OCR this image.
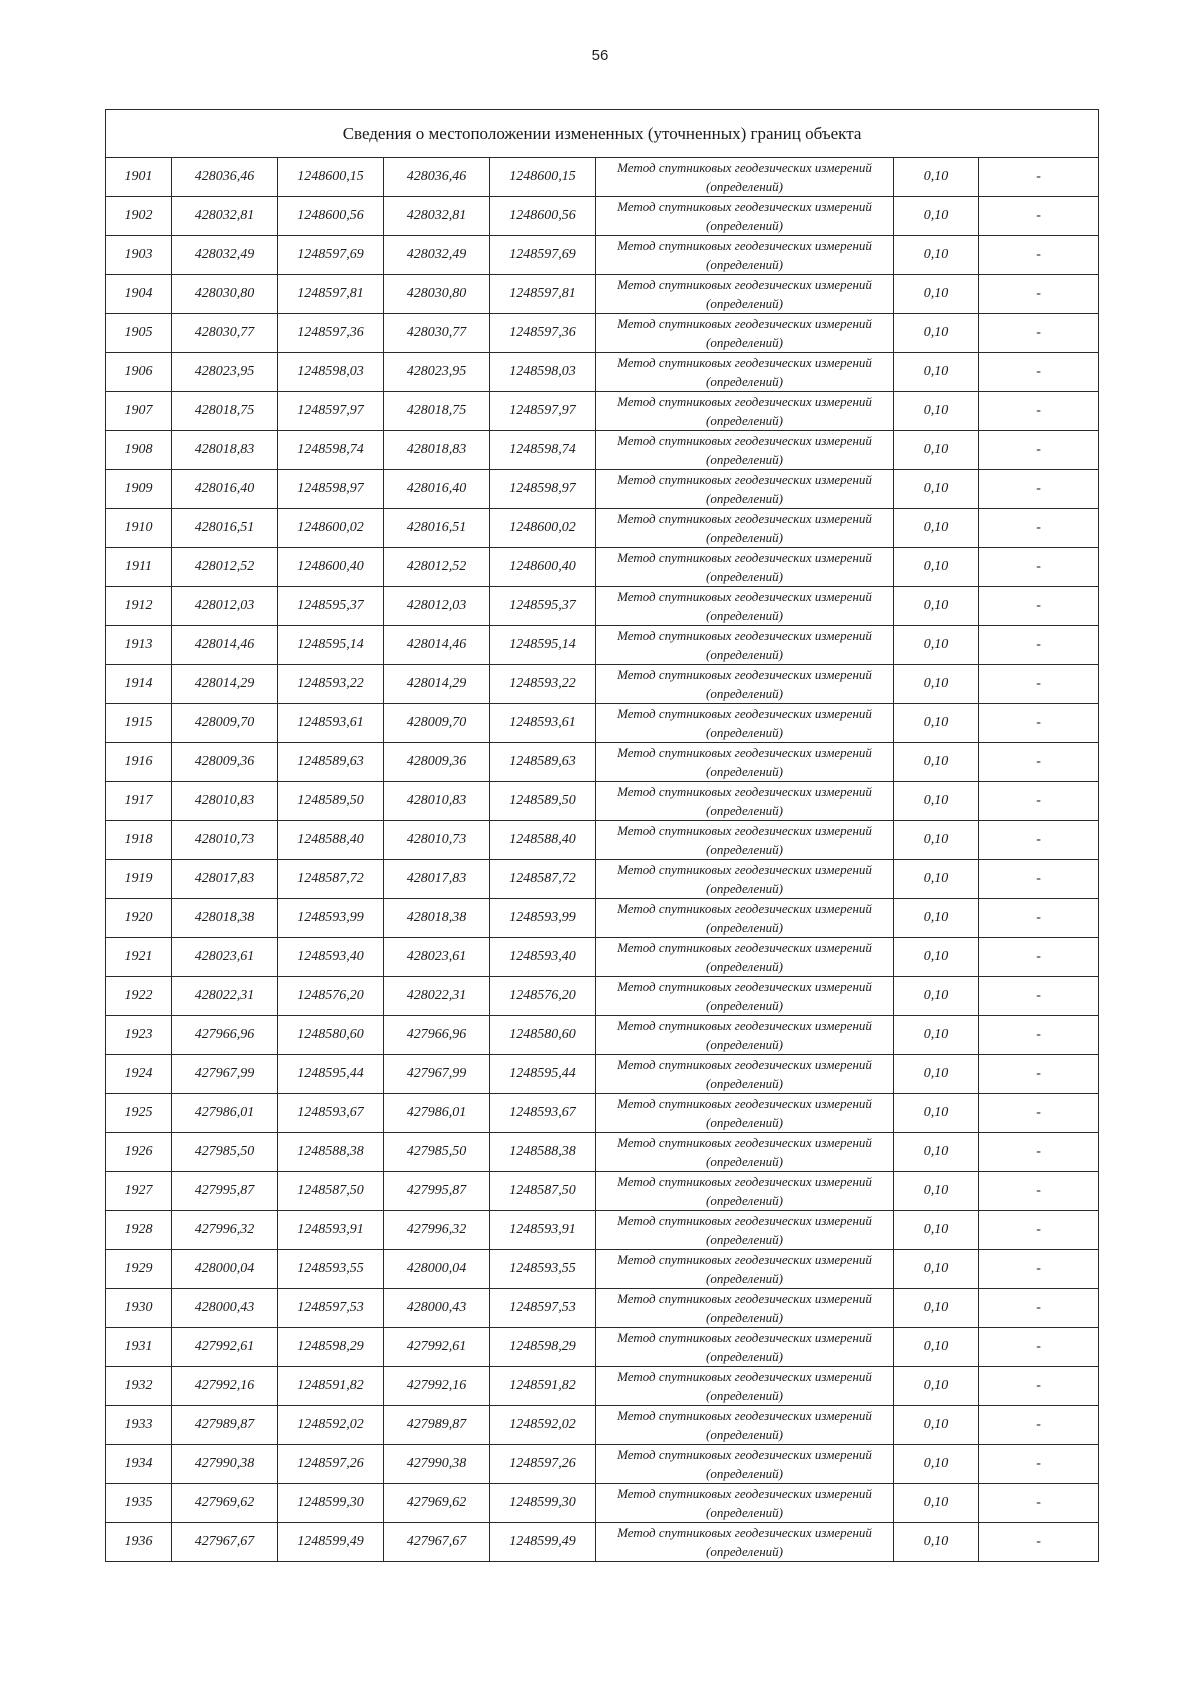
56
Сведения о местоположении измененных (уточненных) границ объекта							
1901	428036,46	1248600,15	428036,46	1248600,15	Метод спутниковых геодезических измерений (определений)	0,10	-
1902	428032,81	1248600,56	428032,81	1248600,56	Метод спутниковых геодезических измерений (определений)	0,10	-
1903	428032,49	1248597,69	428032,49	1248597,69	Метод спутниковых геодезических измерений (определений)	0,10	-
1904	428030,80	1248597,81	428030,80	1248597,81	Метод спутниковых геодезических измерений (определений)	0,10	-
1905	428030,77	1248597,36	428030,77	1248597,36	Метод спутниковых геодезических измерений (определений)	0,10	-
1906	428023,95	1248598,03	428023,95	1248598,03	Метод спутниковых геодезических измерений (определений)	0,10	-
1907	428018,75	1248597,97	428018,75	1248597,97	Метод спутниковых геодезических измерений (определений)	0,10	-
1908	428018,83	1248598,74	428018,83	1248598,74	Метод спутниковых геодезических измерений (определений)	0,10	-
1909	428016,40	1248598,97	428016,40	1248598,97	Метод спутниковых геодезических измерений (определений)	0,10	-
1910	428016,51	1248600,02	428016,51	1248600,02	Метод спутниковых геодезических измерений (определений)	0,10	-
1911	428012,52	1248600,40	428012,52	1248600,40	Метод спутниковых геодезических измерений (определений)	0,10	-
1912	428012,03	1248595,37	428012,03	1248595,37	Метод спутниковых геодезических измерений (определений)	0,10	-
1913	428014,46	1248595,14	428014,46	1248595,14	Метод спутниковых геодезических измерений (определений)	0,10	-
1914	428014,29	1248593,22	428014,29	1248593,22	Метод спутниковых геодезических измерений (определений)	0,10	-
1915	428009,70	1248593,61	428009,70	1248593,61	Метод спутниковых геодезических измерений (определений)	0,10	-
1916	428009,36	1248589,63	428009,36	1248589,63	Метод спутниковых геодезических измерений (определений)	0,10	-
1917	428010,83	1248589,50	428010,83	1248589,50	Метод спутниковых геодезических измерений (определений)	0,10	-
1918	428010,73	1248588,40	428010,73	1248588,40	Метод спутниковых геодезических измерений (определений)	0,10	-
1919	428017,83	1248587,72	428017,83	1248587,72	Метод спутниковых геодезических измерений (определений)	0,10	-
1920	428018,38	1248593,99	428018,38	1248593,99	Метод спутниковых геодезических измерений (определений)	0,10	-
1921	428023,61	1248593,40	428023,61	1248593,40	Метод спутниковых геодезических измерений (определений)	0,10	-
1922	428022,31	1248576,20	428022,31	1248576,20	Метод спутниковых геодезических измерений (определений)	0,10	-
1923	427966,96	1248580,60	427966,96	1248580,60	Метод спутниковых геодезических измерений (определений)	0,10	-
1924	427967,99	1248595,44	427967,99	1248595,44	Метод спутниковых геодезических измерений (определений)	0,10	-
1925	427986,01	1248593,67	427986,01	1248593,67	Метод спутниковых геодезических измерений (определений)	0,10	-
1926	427985,50	1248588,38	427985,50	1248588,38	Метод спутниковых геодезических измерений (определений)	0,10	-
1927	427995,87	1248587,50	427995,87	1248587,50	Метод спутниковых геодезических измерений (определений)	0,10	-
1928	427996,32	1248593,91	427996,32	1248593,91	Метод спутниковых геодезических измерений (определений)	0,10	-
1929	428000,04	1248593,55	428000,04	1248593,55	Метод спутниковых геодезических измерений (определений)	0,10	-
1930	428000,43	1248597,53	428000,43	1248597,53	Метод спутниковых геодезических измерений (определений)	0,10	-
1931	427992,61	1248598,29	427992,61	1248598,29	Метод спутниковых геодезических измерений (определений)	0,10	-
1932	427992,16	1248591,82	427992,16	1248591,82	Метод спутниковых геодезических измерений (определений)	0,10	-
1933	427989,87	1248592,02	427989,87	1248592,02	Метод спутниковых геодезических измерений (определений)	0,10	-
1934	427990,38	1248597,26	427990,38	1248597,26	Метод спутниковых геодезических измерений (определений)	0,10	-
1935	427969,62	1248599,30	427969,62	1248599,30	Метод спутниковых геодезических измерений (определений)	0,10	-
1936	427967,67	1248599,49	427967,67	1248599,49	Метод спутниковых геодезических измерений (определений)	0,10	-
